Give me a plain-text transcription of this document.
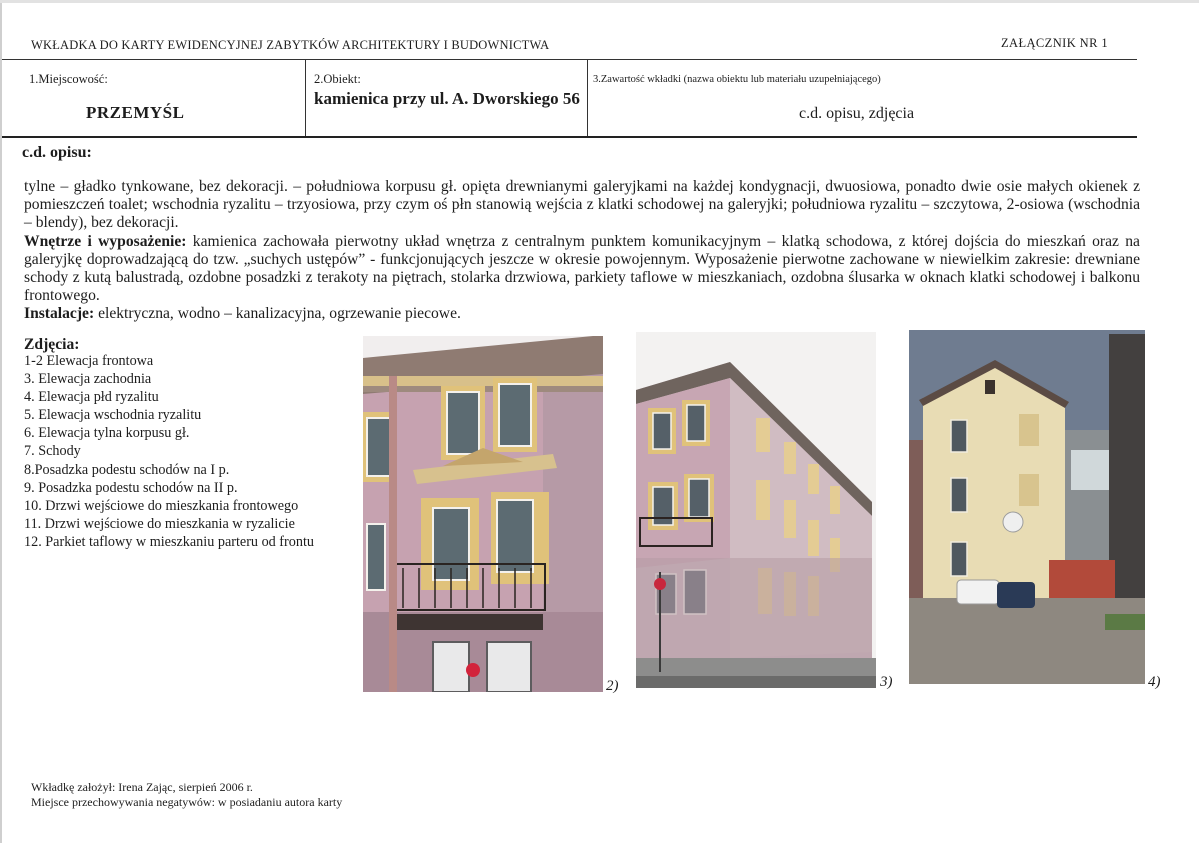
WKŁADKA DO KARTY EWIDENCYJNEJ ZABYTKÓW ARCHITEKTURY I BUDOWNICTWA	ZAŁĄCZNIK NR 1
1.Miejscowość:
PRZEMYŚL
2.Obiekt:
kamienica przy ul. A. Dworskiego 56
3.Zawartość wkładki (nazwa obiektu lub materiału uzupełniającego)
c.d. opisu, zdjęcia
c.d. opisu:

tylne – gładko tynkowane, bez dekoracji. – południowa korpusu gł. opięta drewnianymi galeryjkami na każdej kondygnacji, dwuosiowa, ponadto dwie osie małych okienek z pomieszczeń toalet; wschodnia ryzalitu – trzyosiowa, przy czym oś płn stanowią wejścia z klatki schodowej na galeryjki; południowa ryzalitu – szczytowa, 2-osiowa (wschodnia – blendy), bez dekoracji.

Wnętrze i wyposażenie: kamienica zachowała pierwotny układ wnętrza z centralnym punktem komunikacyjnym – klatką schodowa, z której dojścia do mieszkań oraz na galeryjkę doprowadzającą do tzw. „suchych ustępów” - funkcjonujących jeszcze w okresie powojennym. Wyposażenie pierwotne zachowane w niewielkim zakresie: drewniane schody z kutą balustradą, ozdobne posadzki z terakoty na piętrach, stolarka drzwiowa, parkiety taflowe w mieszkaniach, ozdobna ślusarka w oknach klatki schodowej i balkonu frontowego.

Instalacje: elektryczna, wodno – kanalizacyjna, ogrzewanie piecowe.

Zdjęcia:
1-2 Elewacja frontowa
3. Elewacja zachodnia
4. Elewacja płd ryzalitu
5. Elewacja wschodnia ryzalitu
6. Elewacja tylna korpusu gł.
7. Schody
8.Posadzka podestu schodów na I p.
9. Posadzka podestu schodów na II p.
10. Drzwi wejściowe do mieszkania frontowego
11. Drzwi wejściowe do mieszkania w ryzalicie
12. Parkiet taflowy w mieszkaniu parteru od frontu
2)	3)	4)
Wkładkę założył: Irena Zając, sierpień 2006 r.
Miejsce przechowywania negatywów: w posiadaniu autora karty
